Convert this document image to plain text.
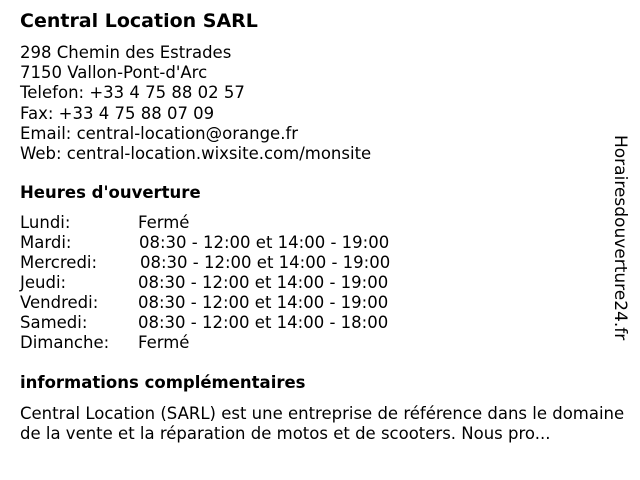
Central Location SARL
298 Chemin des Estrades
7150 Vallon-Pont-d'Arc
Telefon: +33 4 75 88 02 57
Fax: +33 4 75 88 07 09
Email: central-location@orange.fr
Web: central-location.wixsite.com/monsite
Heures d'ouverture
Lundi:	Fermé
Mardi:	08:30 - 12:00 et 14:00 - 19:00
Mercredi:	08:30 - 12:00 et 14:00 - 19:00
Jeudi:	08:30 - 12:00 et 14:00 - 19:00
Vendredi: 08:30 - 12:00 et 14:00 - 19:00
Samedi:	08:30 - 12:00 et 14:00 - 18:00
Dimanche: Fermé
informations complémentaires
Central Location (SARL) est une entreprise de référence dans le domaine de la vente et la réparation de motos et de scooters. Nous pro...
Horairesdouverture24.fr
